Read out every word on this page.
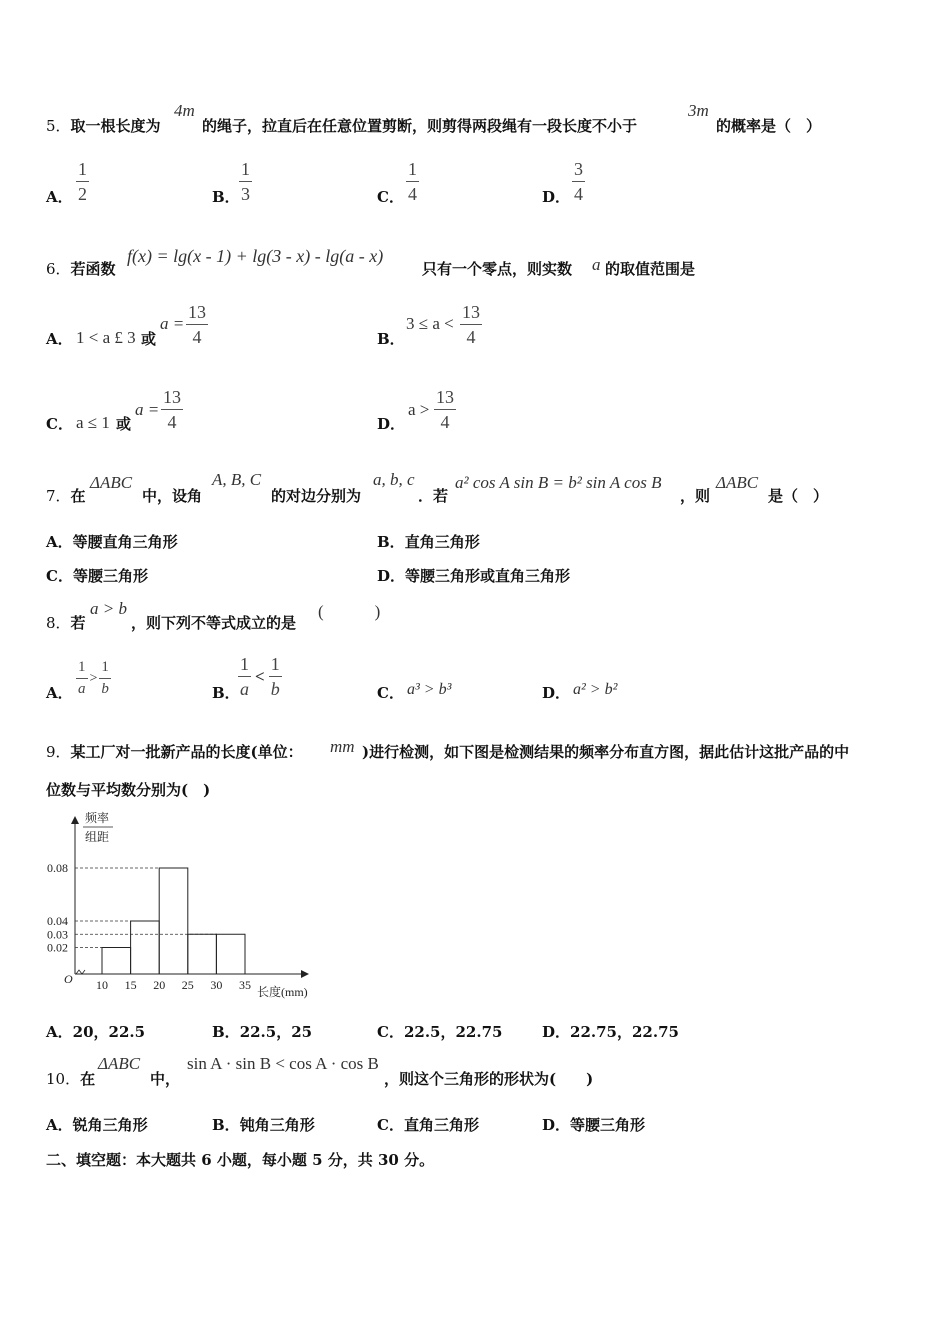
5．取一根长度为
4m
的绳子，拉直后在任意位置剪断，则剪得两段绳有一段长度不小于
3m
的概率是（　）
A． $\frac{1}{2}$	B． $\frac{1}{3}$	C． $\frac{1}{4}$	D． $\frac{3}{4}$
6．若函数
f(x) = lg(x - 1) + lg(3 - x) - lg(a - x)
只有一个零点，则实数 a 的取值范围是
A． 1 < a £ 3 或
$a = \frac{13}{4}$	B．
$3 \le a < \frac{13}{4}$
C． a ≤ 1 或
$a = \frac{13}{4}$	D．
$a > \frac{13}{4}$
7．在
ΔABC
中，设角
A, B, C
的对边分别为
a, b, c
．若
a² cos A sin B = b² sin A cos B
，则
ΔABC
是（　）
A．等腰直角三角形	B．直角三角形
C．等腰三角形	D．等腰三角形或直角三角形
8．若
a > b
，则下列不等式成立的是
(　　　)
A． $\frac{1}{a} > \frac{1}{b}$	B．
$\frac{1}{a} < \frac{1}{b}$	C． a³ > b³	D． a² > b²
9．某工厂对一批新产品的长度(单位： mm )进行检测，如下图是检测结果的频率分布直方图，据此估计这批产品的中
位数与平均数分别为(　)
频率
组距
O
长度(mm)
0.08
0.04
0.03
0.02
10 15 20 25 30 35
A．20，22.5	B．22.5，25	C．22.5，22.75	D．22.75，22.75
10．在
ΔABC
中，
sin A · sin B < cos A · cos B
，则这个三角形的形状为(　　)
A．锐角三角形	B．钝角三角形	C．直角三角形	D．等腰三角形
二、填空题：本大题共 6 小题，每小题 5 分，共 30 分。
